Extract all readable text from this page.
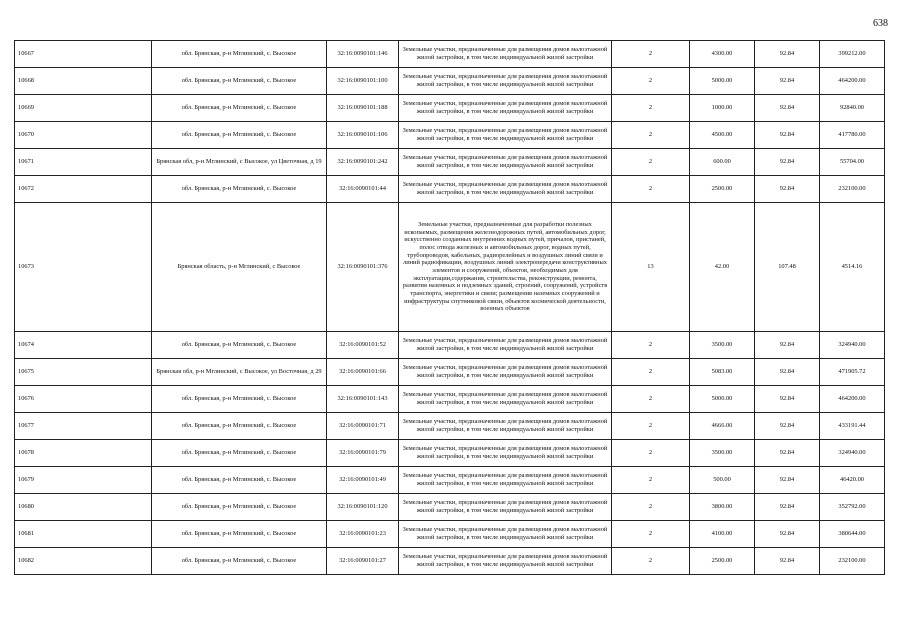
638
10667	обл. Брянская, р-н Мглинский, с. Высокое	32:16:0090101:146	Земельные участки, предназначенные для размещения домов малоэтажной жилой застройки, в том числе индивидуальной жилой застройки	2	4300.00	92.84	399212.00
10668	обл. Брянская, р-н Мглинский, с. Высокое	32:16:0090101:100	Земельные участки, предназначенные для размещения домов малоэтажной жилой застройки, в том числе индивидуальной жилой застройки	2	5000.00	92.84	464200.00
10669	обл. Брянская, р-н Мглинский, с. Высокое	32:16:0090101:188	Земельные участки, предназначенные для размещения домов малоэтажной жилой застройки, в том числе индивидуальной жилой застройки	2	1000.00	92.84	92840.00
10670	обл. Брянская, р-н Мглинский, с. Высокое	32:16:0090101:106	Земельные участки, предназначенные для размещения домов малоэтажной жилой застройки, в том числе индивидуальной жилой застройки	2	4500.00	92.84	417780.00
10671	Брянская обл, р-н Мглинский, с Высокое, ул Цветочная, д 19	32:16:0090101:242	Земельные участки, предназначенные для размещения домов малоэтажной жилой застройки, в том числе индивидуальной жилой застройки	2	600.00	92.84	55704.00
10672	обл. Брянская, р-н Мглинский, с. Высокое	32:16:0090101:44	Земельные участки, предназначенные для размещения домов малоэтажной жилой застройки, в том числе индивидуальной жилой застройки	2	2500.00	92.84	232100.00
10673	Брянская область, р-н Мглинский, с Высокое	32:16:0090101:376	Земельные участки, предназначенные для разработки полезных ископаемых, размещения железнодорожных путей, автомобильных дорог, искусственно созданных внутренних водных путей, причалов, пристаней, полос отвода железных и автомобильных дорог, водных путей, трубопроводов, кабельных, радиорелейных и воздушных линий связи и линий радиофикации, воздушных линий электропередачи конструктивных элементов и сооружений, объектов, необходимых для эксплуатации,содержания, строительства, реконструкции, ремонта, развития наземных и подземных зданий, строений, сооружений, устройств транспорта, энергетики и связи; размещения наземных сооружений и инфраструктуры спутниковой связи, объектов космической деятельности, военных объектов	13	42.00	107.48	4514.16
10674	обл. Брянская, р-н Мглинский, с. Высокое	32:16:0090101:52	Земельные участки, предназначенные для размещения домов малоэтажной жилой застройки, в том числе индивидуальной жилой застройки	2	3500.00	92.84	324940.00
10675	Брянская обл, р-н Мглинский, с Высокое, ул Восточная, д 29	32:16:0090101:66	Земельные участки, предназначенные для размещения домов малоэтажной жилой застройки, в том числе индивидуальной жилой застройки	2	5083.00	92.84	471905.72
10676	обл. Брянская, р-н Мглинский, с. Высокое	32:16:0090101:143	Земельные участки, предназначенные для размещения домов малоэтажной жилой застройки, в том числе индивидуальной жилой застройки	2	5000.00	92.84	464200.00
10677	обл. Брянская, р-н Мглинский, с. Высокое	32:16:0090101:71	Земельные участки, предназначенные для размещения домов малоэтажной жилой застройки, в том числе индивидуальной жилой застройки	2	4666.00	92.84	433191.44
10678	обл. Брянская, р-н Мглинский, с. Высокое	32:16:0090101:79	Земельные участки, предназначенные для размещения домов малоэтажной жилой застройки, в том числе индивидуальной жилой застройки	2	3500.00	92.84	324940.00
10679	обл. Брянская, р-н Мглинский, с. Высокое	32:16:0090101:49	Земельные участки, предназначенные для размещения домов малоэтажной жилой застройки, в том числе индивидуальной жилой застройки	2	500.00	92.84	46420.00
10680	обл. Брянская, р-н Мглинский, с. Высокое	32:16:0090101:120	Земельные участки, предназначенные для размещения домов малоэтажной жилой застройки, в том числе индивидуальной жилой застройки	2	3800.00	92.84	352792.00
10681	обл. Брянская, р-н Мглинский, с. Высокое	32:16:0090101:23	Земельные участки, предназначенные для размещения домов малоэтажной жилой застройки, в том числе индивидуальной жилой застройки	2	4100.00	92.84	380644.00
10682	обл. Брянская, р-н Мглинский, с. Высокое	32:16:0090101:27	Земельные участки, предназначенные для размещения домов малоэтажной жилой застройки, в том числе индивидуальной жилой застройки	2	2500.00	92.84	232100.00
